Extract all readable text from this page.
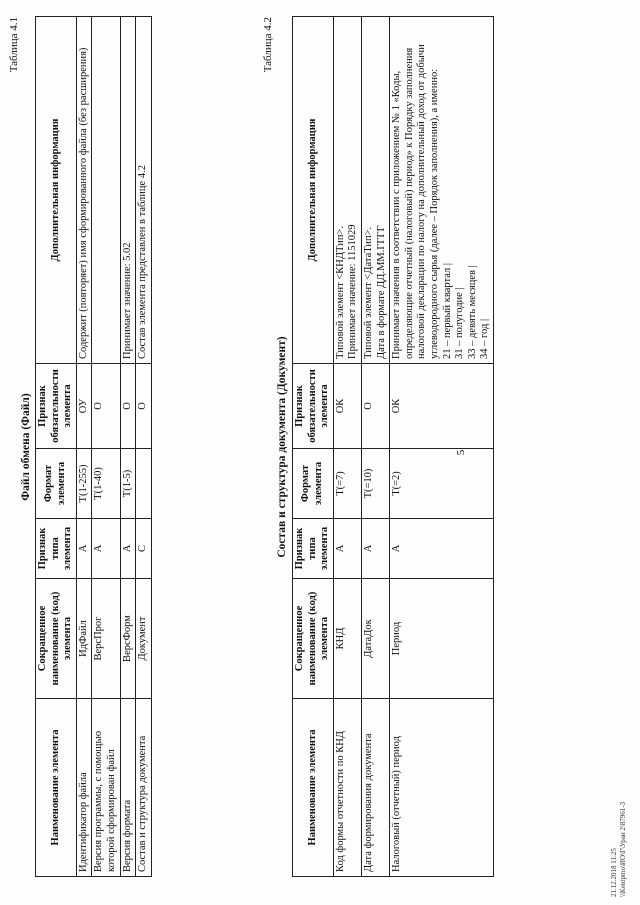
5
Таблица 4.1
Файл обмена (Файл)
Наименование элемента	Сокращенное наименование (код) элемента	Признак типа элемента	Формат элемента	Признак обязательности элемента	Дополнительная информация
Идентификатор файла	ИдФайл	А	T(1-255)	ОУ	Содержит (повторяет) имя сформированного файла (без расширения)
Версия программы, с помощью которой сформирован файл	ВерсПрог	А	T(1-40)	О	
Версия формата	ВерсФорм	А	T(1-5)	О	Принимает значение: 5.02
Состав и структура документа	Документ	С		О	Состав элемента представлен в таблице 4.2
Таблица 4.2
Состав и структура документа (Документ)
Наименование элемента	Сокращенное наименование (код) элемента	Признак типа элемента	Формат элемента	Признак обязательности элемента	Дополнительная информация
Код формы отчетности по КНД	КНД	А	T(=7)	ОК	Типовой элемент <КНДТип>. Принимает значение: 1151029

Дата формирования документа	ДатаДок	А	T(=10)	О	Типовой элемент <ДатаТип>. Дата в формате ДД.ММ.ГГГГ

Налоговый (отчетный) период	Период	А	T(=2)	ОК	Принимает значения в соответствии с приложением № 1 «Коды, определяющие отчетный (налоговый) период» к Порядку заполнения налоговой декларации по налогу на дополнительный доход от добычи углеводородного сырья (далее – Порядок заполнения), а именно: 21 – первый квартал | 31 – полугодие | 33 – девять месяцев | 34 – год |
21.12.2018 11:25 \\Kentpmo\ИО\Г\Уран 2\87961-3
